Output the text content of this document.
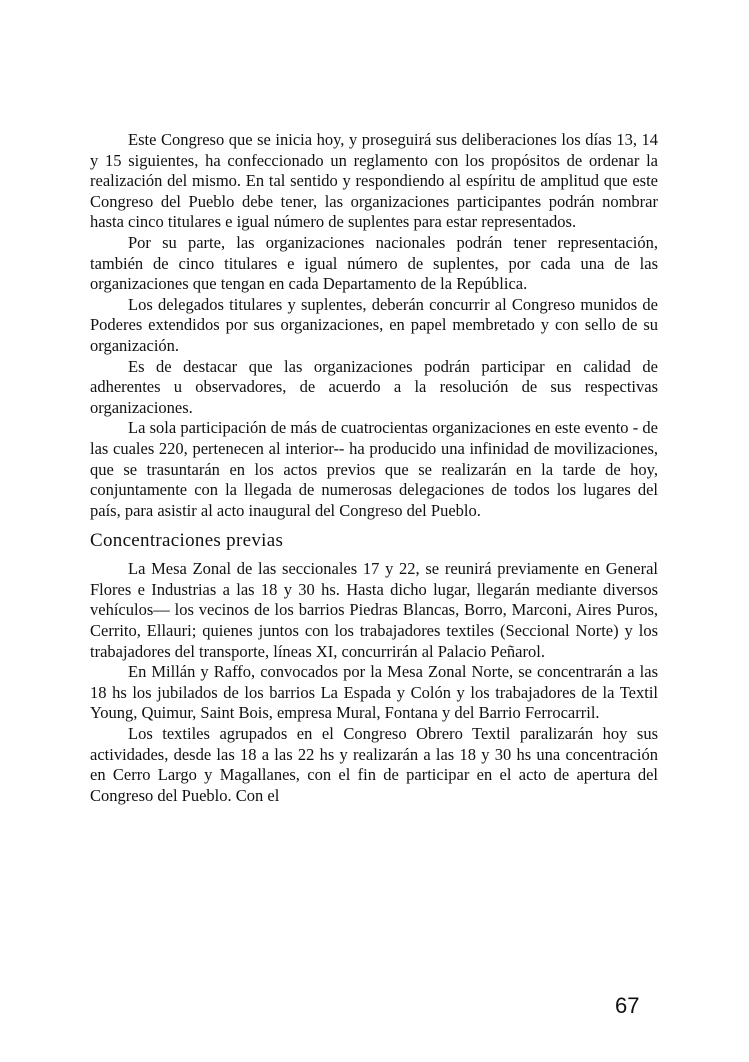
Este Congreso que se inicia hoy, y proseguirá sus deliberaciones los días 13, 14 y 15 siguientes, ha confeccionado un reglamento con los propósitos de ordenar la realización del mismo. En tal sentido y respondiendo al espíritu de amplitud que este Congreso del Pueblo debe tener, las organizaciones participantes podrán nombrar hasta cinco titulares e igual número de suplentes para estar representados.

Por su parte, las organizaciones nacionales podrán tener representación, también de cinco titulares e igual número de suplentes, por cada una de las organizaciones que tengan en cada Departamento de la República.

Los delegados titulares y suplentes, deberán concurrir al Congreso munidos de Poderes extendidos por sus organizaciones, en papel membretado y con sello de su organización.

Es de destacar que las organizaciones podrán participar en calidad de adherentes u observadores, de acuerdo a la resolución de sus respectivas organizaciones.

La sola participación de más de cuatrocientas organizaciones en este evento - de las cuales 220, pertenecen al interior-- ha producido una infinidad de movilizaciones, que se trasuntarán en los actos previos que se realizarán en la tarde de hoy, conjuntamente con la llegada de numerosas delegaciones de todos los lugares del país, para asistir al acto inaugural del Congreso del Pueblo.

Concentraciones previas

La Mesa Zonal de las seccionales 17 y 22, se reunirá previamente en General Flores e Industrias a las 18 y 30 hs. Hasta dicho lugar, llegarán mediante diversos vehículos— los vecinos de los barrios Piedras Blancas, Borro, Marconi, Aires Puros, Cerrito, Ellauri; quienes juntos con los trabajadores textiles (Seccional Norte) y los trabajadores del transporte, líneas XI, concurrirán al Palacio Peñarol.

En Millán y Raffo, convocados por la Mesa Zonal Norte, se concentrarán a las 18 hs los jubilados de los barrios La Espada y Colón y los trabajadores de la Textil Young, Quimur, Saint Bois, empresa Mural, Fontana y del Barrio Ferrocarril.

Los textiles agrupados en el Congreso Obrero Textil paralizarán hoy sus actividades, desde las 18 a las 22 hs y realizarán a las 18 y 30 hs una concentración en Cerro Largo y Magallanes, con el fin de participar en el acto de apertura del Congreso del Pueblo. Con el

67
